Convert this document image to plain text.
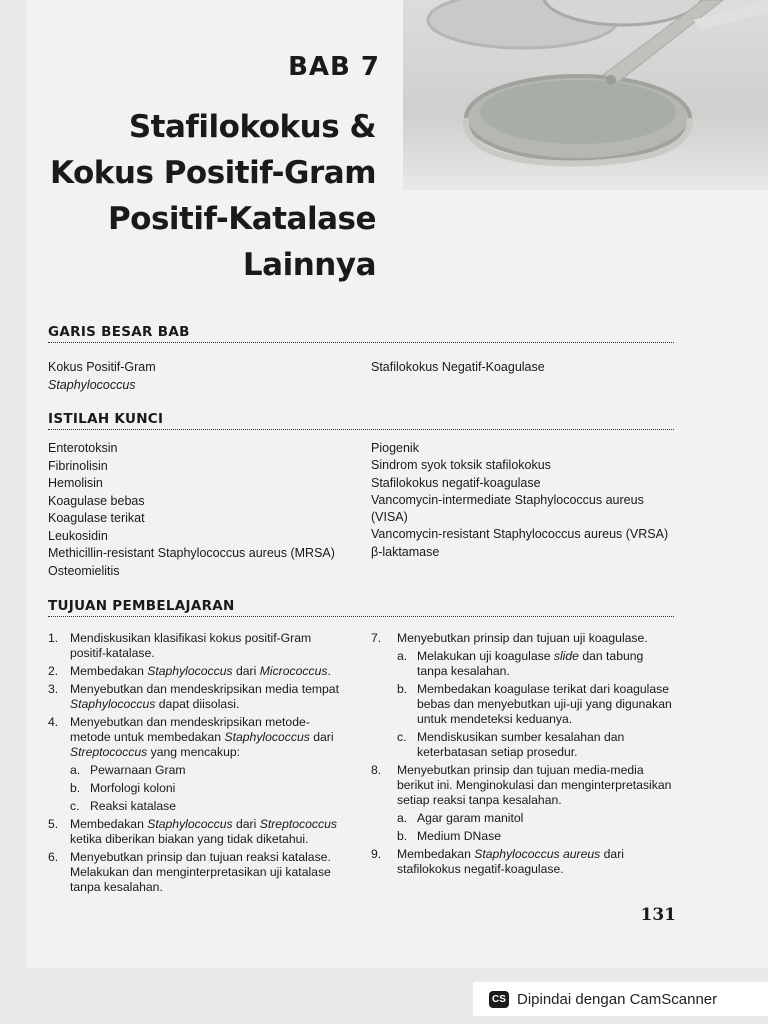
BAB 7
Stafilokokus &
Kokus Positif-Gram
Positif-Katalase
Lainnya
GARIS BESAR BAB
Kokus Positif-Gram
Staphylococcus
Stafilokokus Negatif-Koagulase
ISTILAH KUNCI
Enterotoksin
Fibrinolisin
Hemolisin
Koagulase bebas
Koagulase terikat
Leukosidin
Methicillin-resistant Staphylococcus aureus (MRSA)
Osteomielitis
Piogenik
Sindrom syok toksik stafilokokus
Stafilokokus negatif-koagulase
Vancomycin-intermediate Staphylococcus aureus
(VISA)
Vancomycin-resistant Staphylococcus aureus (VRSA)
β-laktamase
TUJUAN PEMBELAJARAN
1. Mendiskusikan klasifikasi kokus positif-Gram positif-katalase.
2. Membedakan Staphylococcus dari Micrococcus.
3. Menyebutkan dan mendeskripsikan media tempat Staphylococcus dapat diisolasi.
4. Menyebutkan dan mendeskripsikan metode-metode untuk membedakan Staphylococcus dari Streptococcus yang mencakup:
a. Pewarnaan Gram
b. Morfologi koloni
c. Reaksi katalase
5. Membedakan Staphylococcus dari Streptococcus ketika diberikan biakan yang tidak diketahui.
6. Menyebutkan prinsip dan tujuan reaksi katalase. Melakukan dan menginterpretasikan uji katalase tanpa kesalahan.
7.	Menyebutkan prinsip dan tujuan uji koagulase.
a. Melakukan uji koagulase slide dan tabung tanpa kesalahan.
b. Membedakan koagulase terikat dari koagulase bebas dan menyebutkan uji-uji yang digunakan untuk mendeteksi keduanya.
c. Mendiskusikan sumber kesalahan dan keterbatasan setiap prosedur.
8.	Menyebutkan prinsip dan tujuan media-media berikut ini. Menginokulasi dan menginterpretasikan setiap reaksi tanpa kesalahan.
a. Agar garam manitol
b. Medium DNase
9.	Membedakan Staphylococcus aureus dari stafilokokus negatif-koagulase.
131
CS Dipindai dengan CamScanner
